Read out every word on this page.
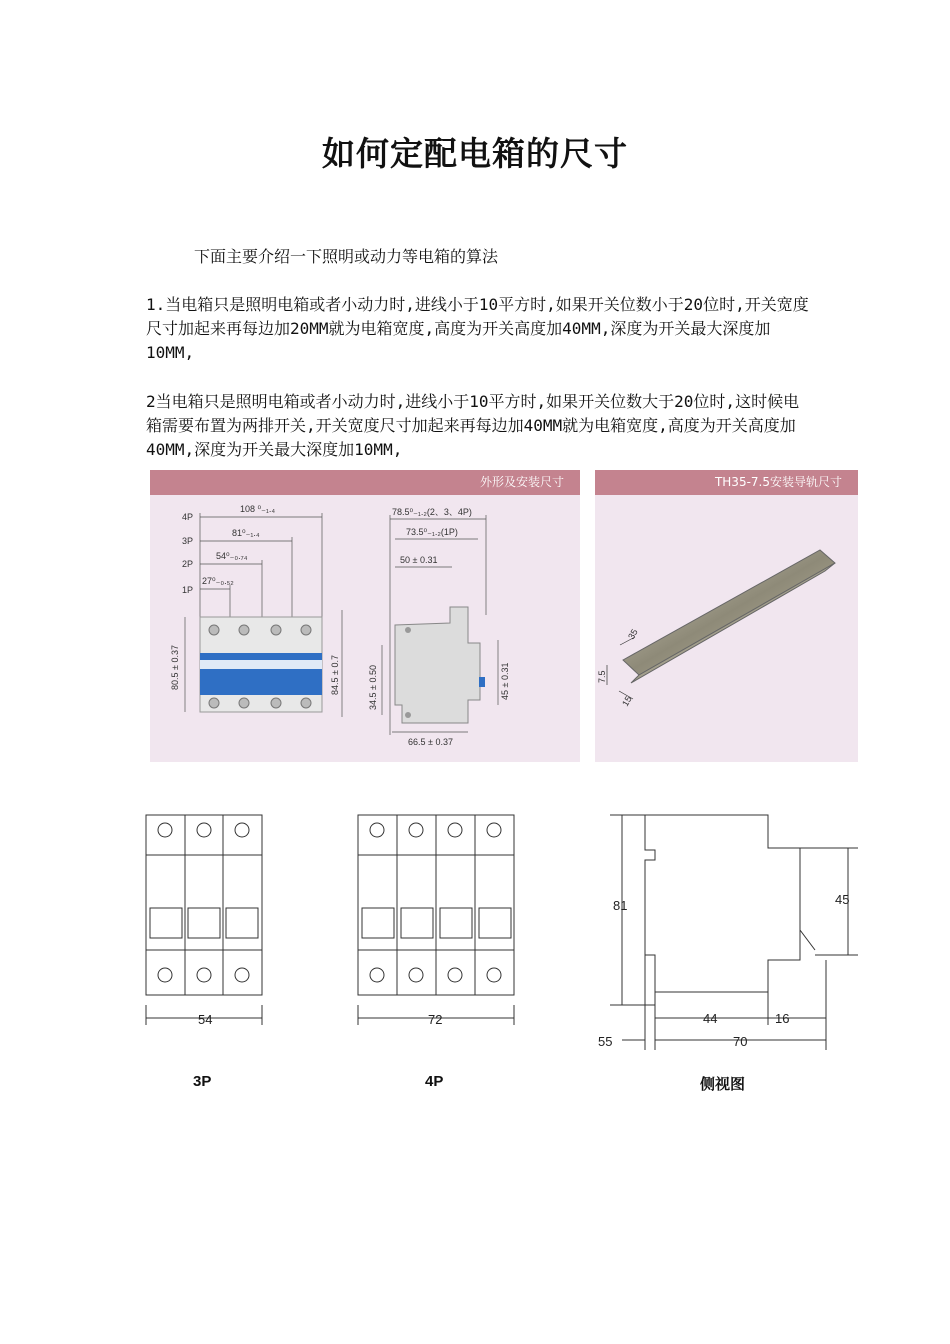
如何定配电箱的尺寸
下面主要介绍一下照明或动力等电箱的算法
1.当电箱只是照明电箱或者小动力时,进线小于10平方时,如果开关位数小于20位时,开关宽度尺寸加起来再每边加20MM就为电箱宽度,高度为开关高度加40MM,深度为开关最大深度加10MM,
2当电箱只是照明电箱或者小动力时,进线小于10平方时,如果开关位数大于20位时,这时候电箱需要布置为两排开关,开关宽度尺寸加起来再每边加40MM就为电箱宽度,高度为开关高度加40MM,深度为开关最大深度加10MM,
外形及安装尺寸
4P
3P
2P
1P
108 ⁰₋₁.₄
81⁰₋₁.₄
54⁰₋₀.₇₄
27⁰₋₀.₅₂
80.5 ± 0.37	84.5 ± 0.7
78.5⁰₋₁.₂(2、3、4P)
73.5⁰₋₁.₂(1P)
50 ± 0.31
34.5 ± 0.50	45 ± 0.31
66.5 ± 0.37
TH35-7.5安装导轨尺寸
35
7.5
15
54	72
81	45
44	16
55	70
3P	4P	侧视图
